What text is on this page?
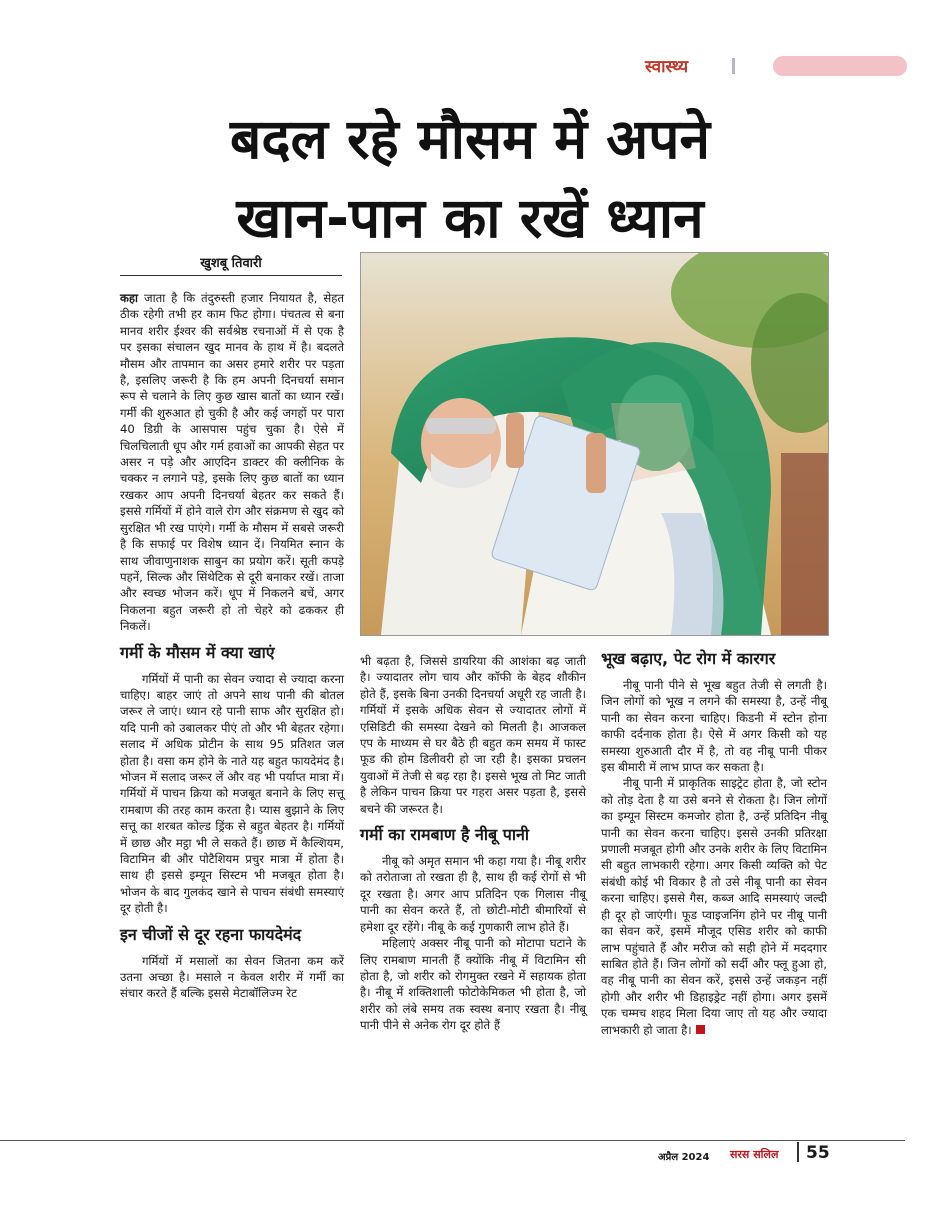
स्वास्थ्य
बदल रहे मौसम में अपने
खान-पान का रखें ध्यान
खुशबू तिवारी

कहा जाता है कि तंदुरुस्ती हजार नियायत है, सेहत ठीक रहेगी तभी हर काम फिट होगा। पंचतत्व से बना मानव शरीर ईश्वर की सर्वश्रेष्ठ रचनाओं में से एक है पर इसका संचालन खुद मानव के हाथ में है। बदलते मौसम और तापमान का असर हमारे शरीर पर पड़ता है, इसलिए जरूरी है कि हम अपनी दिनचर्या समान रूप से चलाने के लिए कुछ खास बातों का ध्यान रखें। गर्मी की शुरुआत हो चुकी है और कई जगहों पर पारा 40 डिग्री के आसपास पहुंच चुका है। ऐसे में चिलचिलाती धूप और गर्म हवाओं का आपकी सेहत पर असर न पड़े और आएदिन डाक्टर की क्लीनिक के चक्कर न लगाने पड़े, इसके लिए कुछ बातों का ध्यान रखकर आप अपनी दिनचर्या बेहतर कर सकते हैं। इससे गर्मियों में होने वाले रोग और संक्रमण से खुद को सुरक्षित भी रख पाएंगे। गर्मी के मौसम में सबसे जरूरी है कि सफाई पर विशेष ध्यान दें। नियमित स्नान के साथ जीवाणुनाशक साबुन का प्रयोग करें। सूती कपड़े पहनें, सिल्क और सिंथेटिक से दूरी बनाकर रखें। ताजा और स्वच्छ भोजन करें। धूप में निकलने बचें, अगर निकलना बहुत जरूरी हो तो चेहरे को ढककर ही निकलें।

गर्मी के मौसम में क्या खाएं

गर्मियों में पानी का सेवन ज्यादा से ज्यादा करना चाहिए। बाहर जाएं तो अपने साथ पानी की बोतल जरूर ले जाएं। ध्यान रहे पानी साफ और सुरक्षित हो। यदि पानी को उबालकर पीएं तो और भी बेहतर रहेगा। सलाद में अधिक प्रोटीन के साथ 95 प्रतिशत जल होता है। वसा कम होने के नाते यह बहुत फायदेमंद है। भोजन में सलाद जरूर लें और वह भी पर्याप्त मात्रा में। गर्मियों में पाचन क्रिया को मजबूत बनाने के लिए सत्तू रामबाण की तरह काम करता है। प्यास बुझाने के लिए सत्तू का शरबत कोल्ड ड्रिंक से बहुत बेहतर है। गर्मियों में छाछ और मट्ठा भी ले सकते हैं। छाछ में कैल्शियम, विटामिन बी और पोटैशियम प्रचुर मात्रा में होता है। साथ ही इससे इम्यून सिस्टम भी मजबूत होता है। भोजन के बाद गुलकंद खाने से पाचन संबंधी समस्याएं दूर होती है।

इन चीजों से दूर रहना फायदेमंद

गर्मियों में मसालों का सेवन जितना कम करें उतना अच्छा है। मसाले न केवल शरीर में गर्मी का संचार करते हैं बल्कि इससे मेटाबॉलिज्म रेट

भी बढ़ता है, जिससे डायरिया की आशंका बढ़ जाती है। ज्यादातर लोग चाय और कॉफी के बेहद शौकीन होते हैं, इसके बिना उनकी दिनचर्या अधूरी रह जाती है। गर्मियों में इसके अधिक सेवन से ज्यादातर लोगों में एसिडिटी की समस्या देखने को मिलती है। आजकल एप के माध्यम से घर बैठे ही बहुत कम समय में फास्ट फूड की होम डिलीवरी हो जा रही है। इसका प्रचलन युवाओं में तेजी से बढ़ रहा है। इससे भूख तो मिट जाती है लेकिन पाचन क्रिया पर गहरा असर पड़ता है, इससे बचने की जरूरत है।

गर्मी का रामबाण है नीबू पानी

नीबू को अमृत समान भी कहा गया है। नीबू शरीर को तरोताजा तो रखता ही है, साथ ही कई रोगों से भी दूर रखता है। अगर आप प्रतिदिन एक गिलास नीबू पानी का सेवन करते हैं, तो छोटी-मोटी बीमारियों से हमेशा दूर रहेंगे। नीबू के कई गुणकारी लाभ होते हैं।

महिलाएं अक्सर नीबू पानी को मोटापा घटाने के लिए रामबाण मानती हैं क्योंकि नीबू में विटामिन सी होता है, जो शरीर को रोगमुक्त रखने में सहायक होता है। नीबू में शक्तिशाली फोटोकेमिकल भी होता है, जो शरीर को लंबे समय तक स्वस्थ बनाए रखता है। नीबू पानी पीने से अनेक रोग दूर होते हैं

भूख बढ़ाए, पेट रोग में कारगर

नीबू पानी पीने से भूख बहुत तेजी से लगती है। जिन लोगों को भूख न लगने की समस्या है, उन्हें नीबू पानी का सेवन करना चाहिए। किडनी में स्टोन होना काफी दर्दनाक होता है। ऐसे में अगर किसी को यह समस्या शुरुआती दौर में है, तो वह नीबू पानी पीकर इस बीमारी में लाभ प्राप्त कर सकता है।

नीबू पानी में प्राकृतिक साइट्रेट होता है, जो स्टोन को तोड़ देता है या उसे बनने से रोकता है। जिन लोगों का इम्यून सिस्टम कमजोर होता है, उन्हें प्रतिदिन नीबू पानी का सेवन करना चाहिए। इससे उनकी प्रतिरक्षा प्रणाली मजबूत होगी और उनके शरीर के लिए विटामिन सी बहुत लाभकारी रहेगा। अगर किसी व्यक्ति को पेट संबंधी कोई भी विकार है तो उसे नीबू पानी का सेवन करना चाहिए। इससे गैस, कब्ज आदि समस्याएं जल्दी ही दूर हो जाएंगी। फूड प्वाइजनिंग होने पर नीबू पानी का सेवन करें, इसमें मौजूद एसिड शरीर को काफी लाभ पहुंचाते हैं और मरीज को सही होने में मददगार साबित होते हैं। जिन लोगों को सर्दी और फ्लू हुआ हो, वह नीबू पानी का सेवन करें, इससे उन्हें जकड़न नहीं होगी और शरीर भी डिहाइड्रेट नहीं होगा। अगर इसमें एक चम्मच शहद मिला दिया जाए तो यह और ज्यादा लाभकारी हो जाता है।

अप्रैल 2024 सरस सलिल 55
